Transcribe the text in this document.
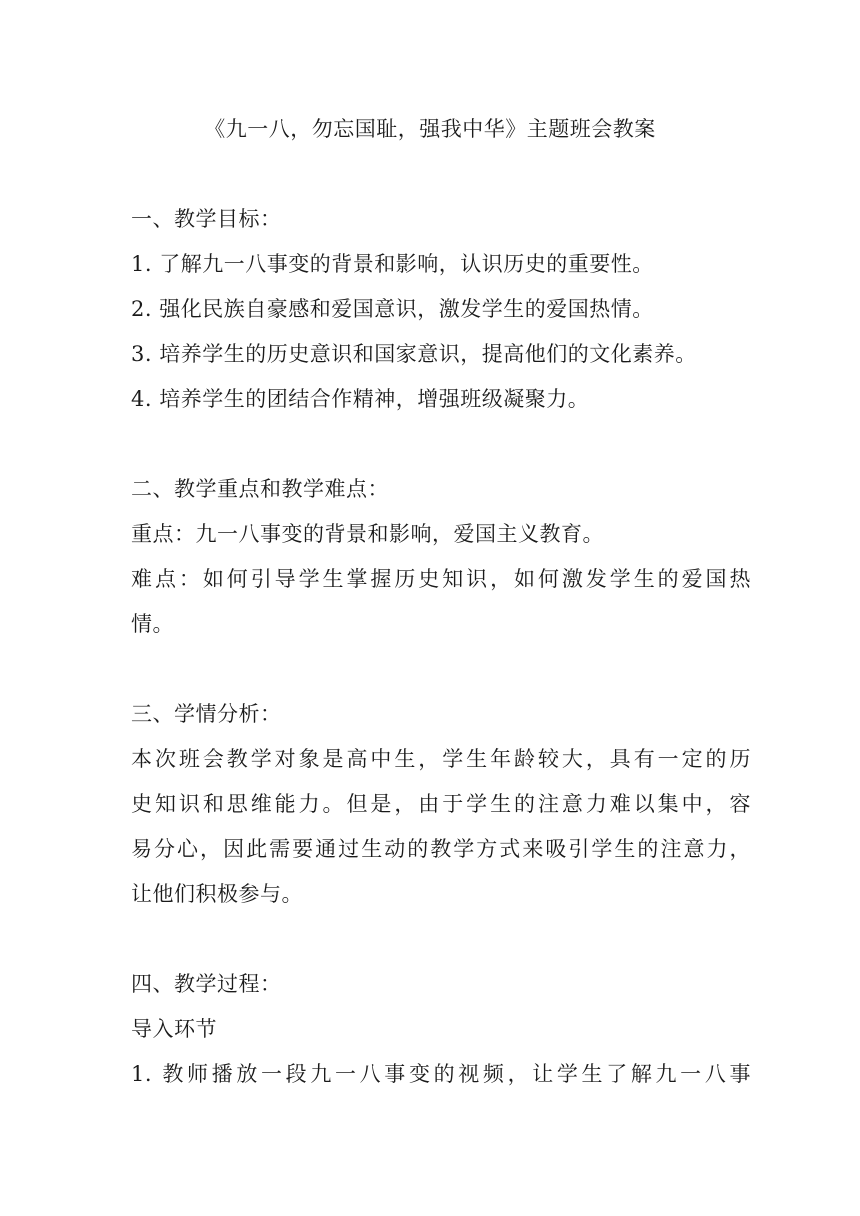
《九一八，勿忘国耻，强我中华》主题班会教案
一、教学目标：
1. 了解九一八事变的背景和影响，认识历史的重要性。
2. 强化民族自豪感和爱国意识，激发学生的爱国热情。
3. 培养学生的历史意识和国家意识，提高他们的文化素养。
4. 培养学生的团结合作精神，增强班级凝聚力。
二、教学重点和教学难点：
重点：九一八事变的背景和影响，爱国主义教育。
难点：如何引导学生掌握历史知识，如何激发学生的爱国热
情。
三、学情分析：
本次班会教学对象是高中生，学生年龄较大，具有一定的历
史知识和思维能力。但是，由于学生的注意力难以集中，容
易分心，因此需要通过生动的教学方式来吸引学生的注意力，
让他们积极参与。
四、教学过程：
导入环节
1. 教师播放一段九一八事变的视频，让学生了解九一八事
